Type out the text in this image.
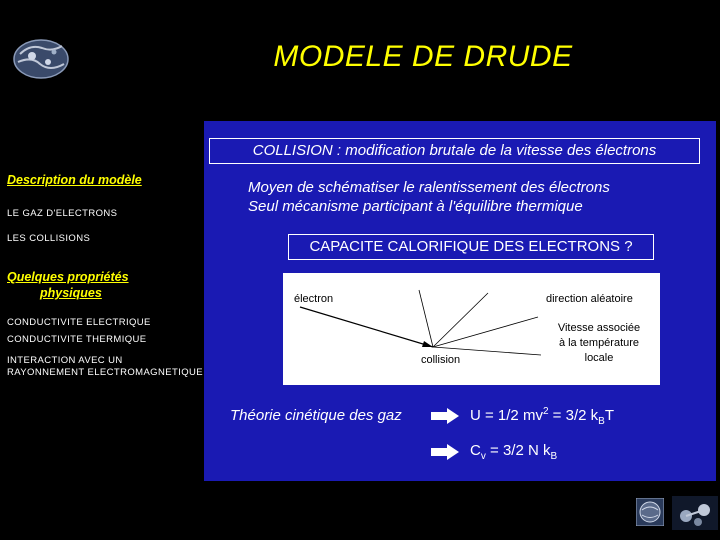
MODELE DE DRUDE
COLLISION : modification brutale de la vitesse des électrons
Moyen de schématiser le ralentissement des électrons
Seul mécanisme participant à l'équilibre thermique
CAPACITE CALORIFIQUE DES ELECTRONS ?
électron	direction aléatoire
Vitesse associée
à la température
locale
collision
Description du modèle
LE GAZ D'ELECTRONS
LES COLLISIONS
Quelques propriétés
physiques
CONDUCTIVITE ELECTRIQUE
CONDUCTIVITE THERMIQUE
INTERACTION AVEC UN
RAYONNEMENT ELECTROMAGNETIQUE
Théorie cinétique des gaz	U = 1/2 $mv^2 = 3/2$ $k_BT$
$C_v = 3/2$ N $k_B$
